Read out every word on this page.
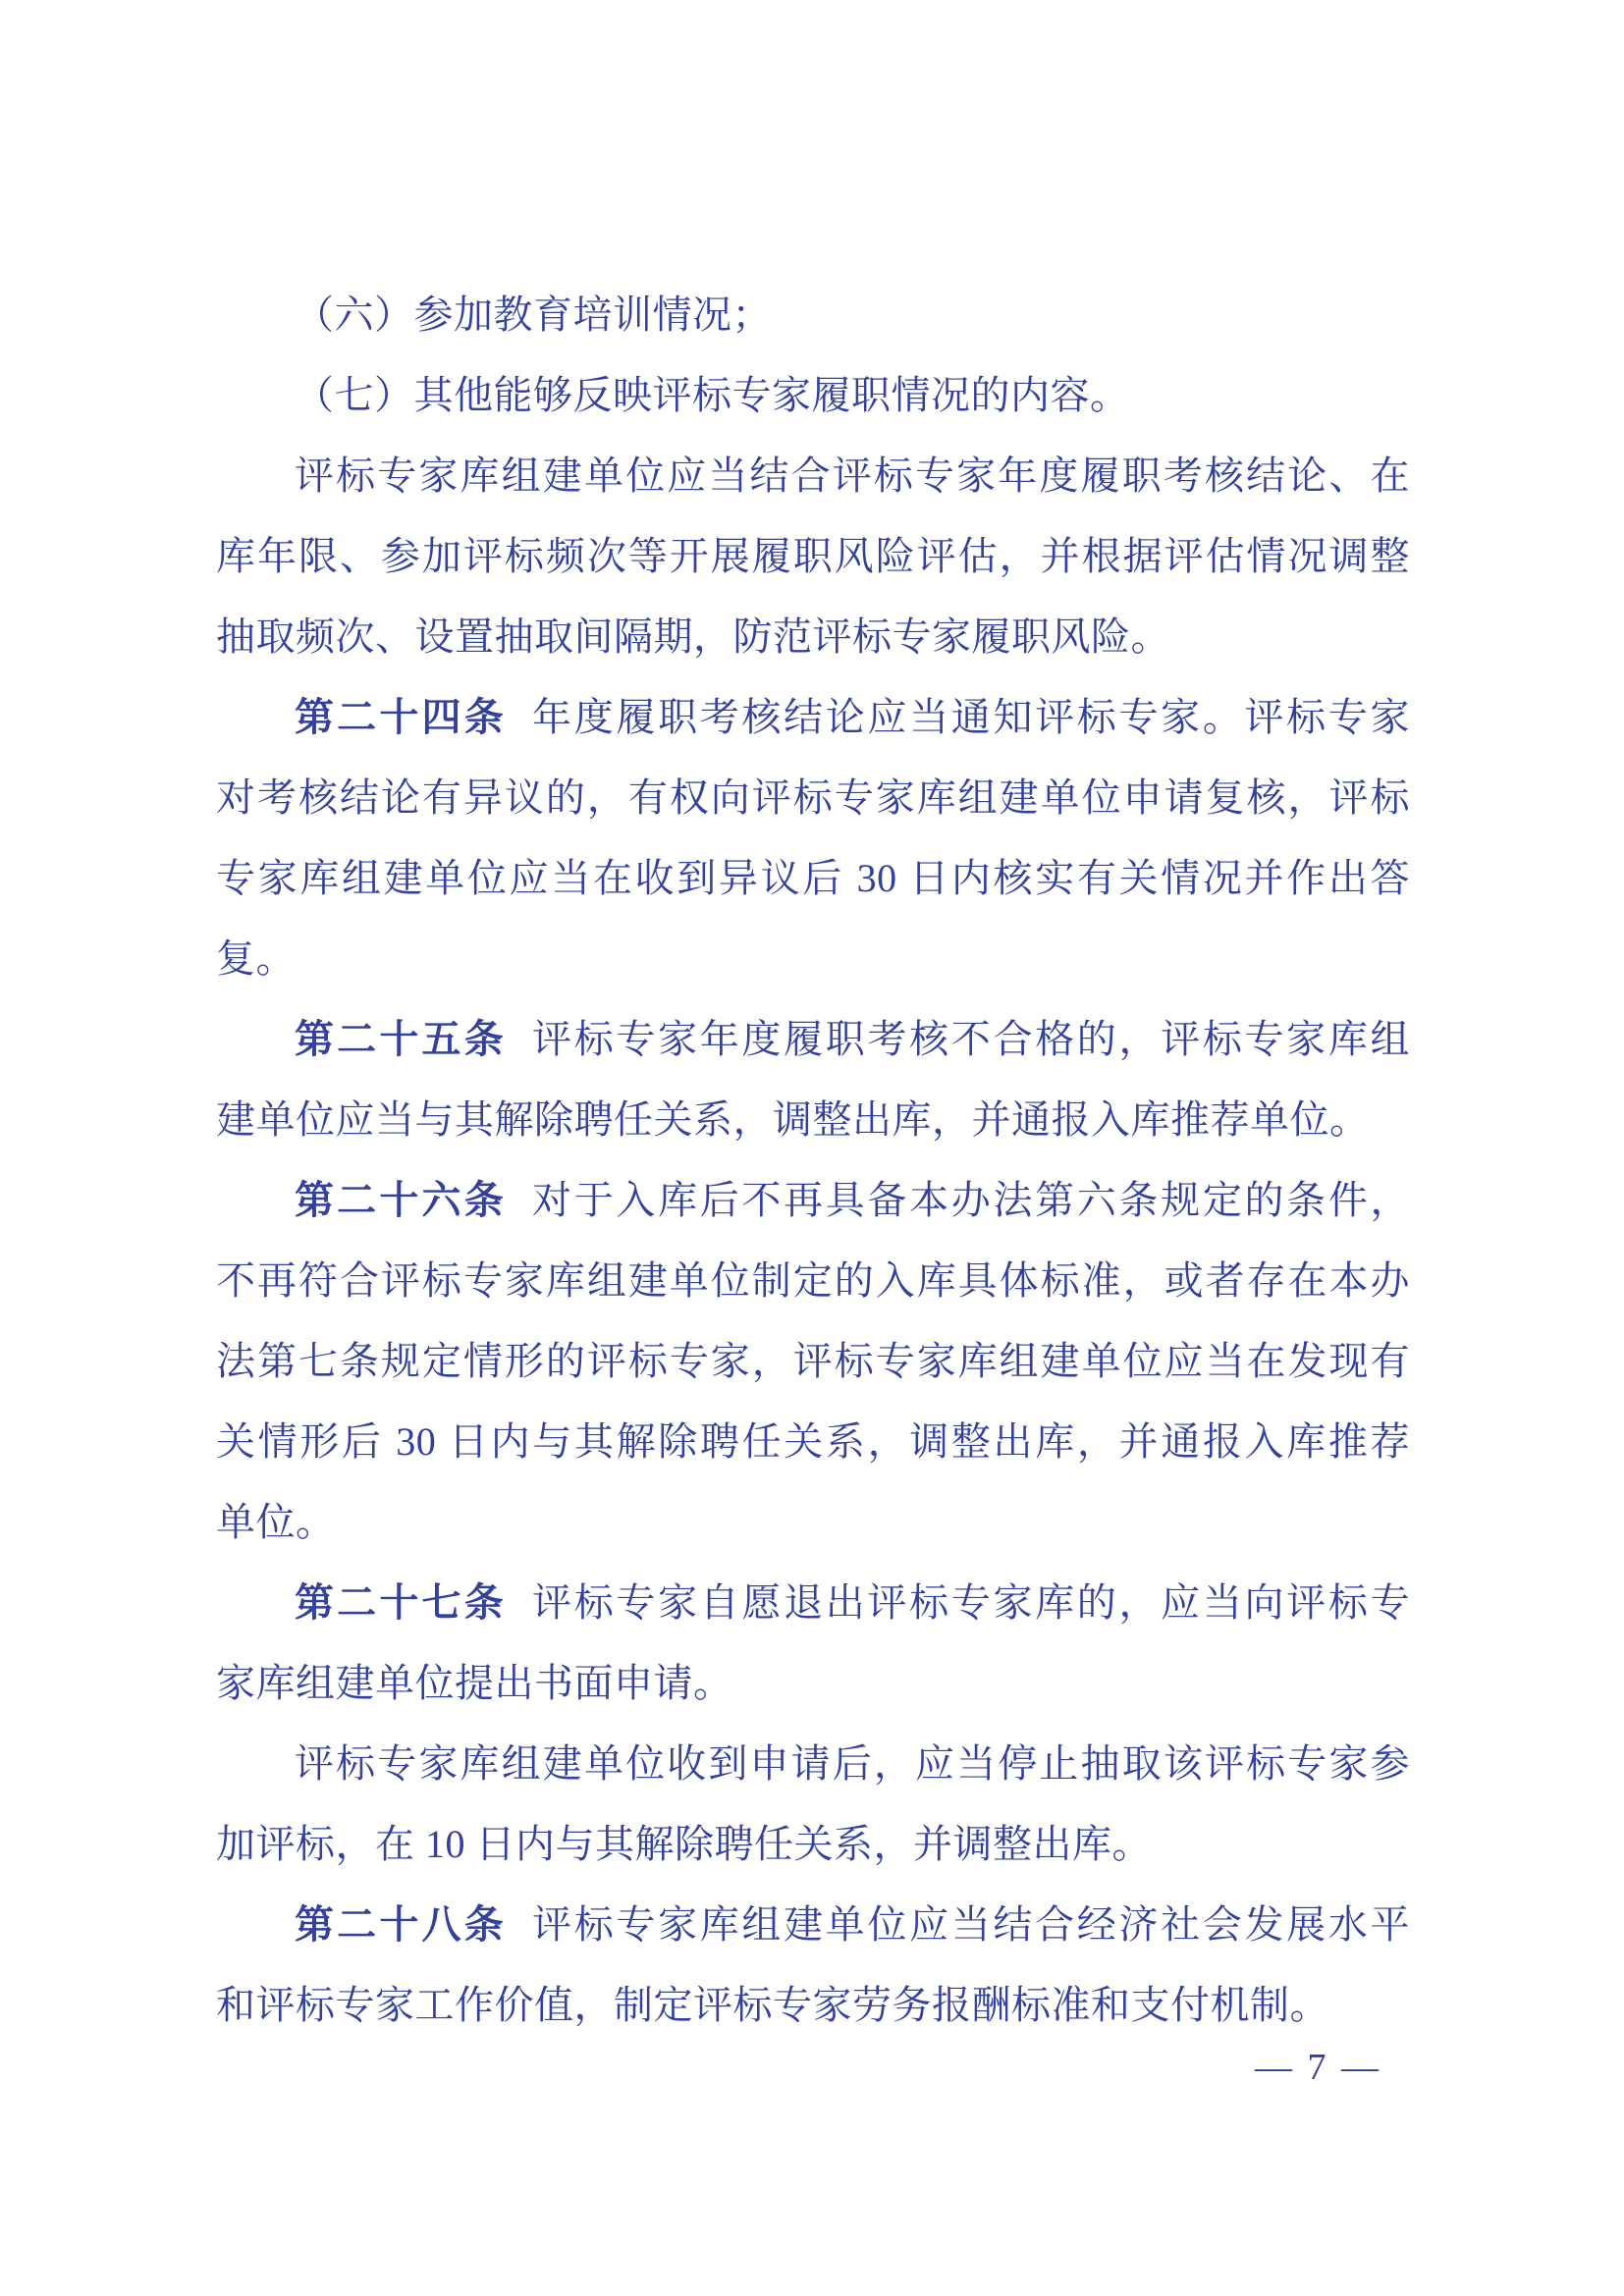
（六）参加教育培训情况；
（七）其他能够反映评标专家履职情况的内容。
评标专家库组建单位应当结合评标专家年度履职考核结论、在
库年限、参加评标频次等开展履职风险评估，并根据评估情况调整
抽取频次、设置抽取间隔期，防范评标专家履职风险。
第二十四条 年度履职考核结论应当通知评标专家。评标专家
对考核结论有异议的，有权向评标专家库组建单位申请复核，评标
专家库组建单位应当在收到异议后 30 日内核实有关情况并作出答
复。
第二十五条 评标专家年度履职考核不合格的，评标专家库组
建单位应当与其解除聘任关系，调整出库，并通报入库推荐单位。
第二十六条 对于入库后不再具备本办法第六条规定的条件，
不再符合评标专家库组建单位制定的入库具体标准，或者存在本办
法第七条规定情形的评标专家，评标专家库组建单位应当在发现有
关情形后 30 日内与其解除聘任关系，调整出库，并通报入库推荐
单位。
第二十七条 评标专家自愿退出评标专家库的，应当向评标专
家库组建单位提出书面申请。
评标专家库组建单位收到申请后，应当停止抽取该评标专家参
加评标，在 10 日内与其解除聘任关系，并调整出库。
第二十八条 评标专家库组建单位应当结合经济社会发展水平
和评标专家工作价值，制定评标专家劳务报酬标准和支付机制。
— 7 —
